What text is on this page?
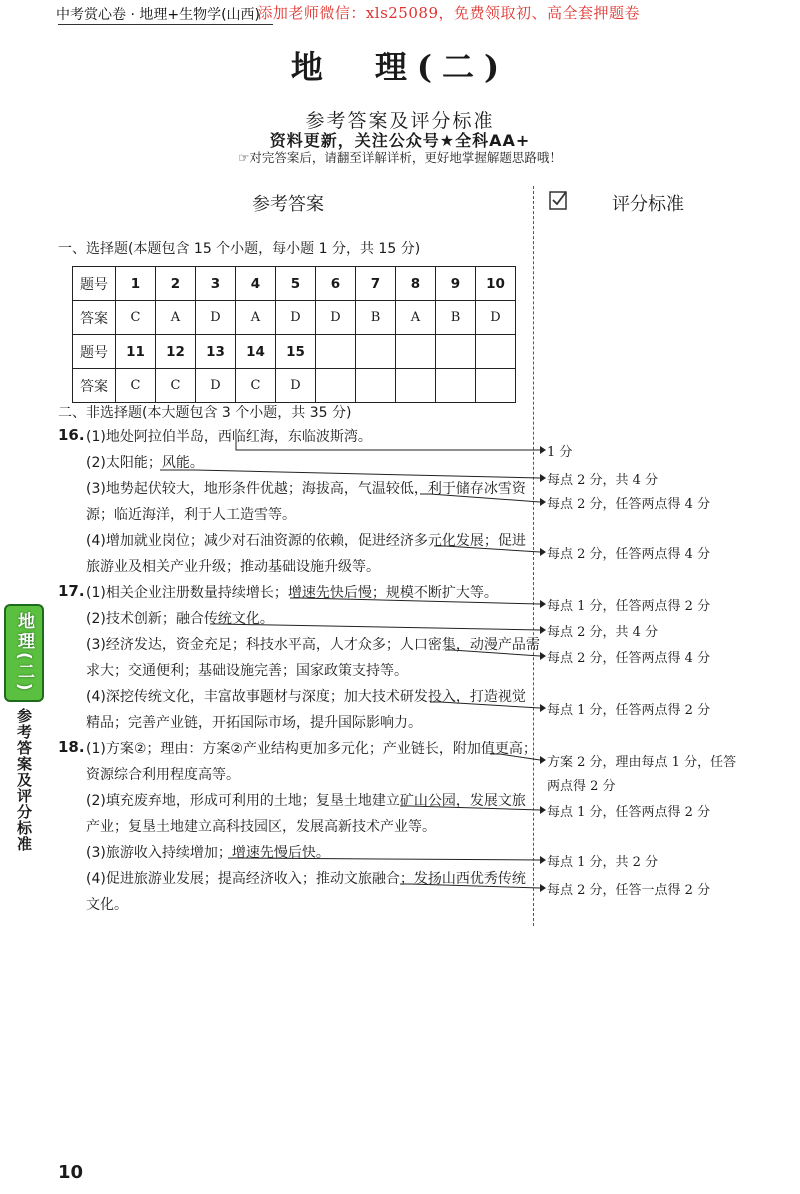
添加老师微信：xls25089，免费领取初、高全套押题卷
中考赏心卷 · 地理+生物学(山西)
地　理(二)
参考答案及评分标准
资料更新，关注公众号★全科AA+
☞对完答案后，请翻至详解详析，更好地掌握解题思路哦！
参考答案	评分标准
一、选择题(本题包含 15 个小题，每小题 1 分，共 15 分)
题号	1	2	3	4	5	6	7	8	9	10
答案	C	A	D	A	D	D	B	A	B	D
题号	11	12	13	14	15					
答案	C	C	D	C	D					
二、非选择题(本大题包含 3 个小题，共 35 分)
16. (1)地处阿拉伯半岛，西临红海，东临波斯湾。
(2)太阳能；风能。
(3)地势起伏较大，地形条件优越；海拔高，气温较低，利于储存冰雪资
源；临近海洋，利于人工造雪等。
(4)增加就业岗位；减少对石油资源的依赖，促进经济多元化发展；促进
旅游业及相关产业升级；推动基础设施升级等。
17. (1)相关企业注册数量持续增长；增速先快后慢；规模不断扩大等。
(2)技术创新；融合传统文化。
(3)经济发达，资金充足；科技水平高，人才众多；人口密集，动漫产品需
求大；交通便利；基础设施完善；国家政策支持等。
(4)深挖传统文化，丰富故事题材与深度；加大技术研发投入，打造视觉
精品；完善产业链，开拓国际市场，提升国际影响力。
18. (1)方案②；理由：方案②产业结构更加多元化；产业链长，附加值更高；
资源综合利用程度高等。
(2)填充废弃地，形成可利用的土地；复垦土地建立矿山公园，发展文旅
产业；复垦土地建立高科技园区，发展高新技术产业等。
(3)旅游收入持续增加；增速先慢后快。
(4)促进旅游业发展；提高经济收入；推动文旅融合；发扬山西优秀传统
文化。
1 分
每点 2 分，共 4 分
每点 2 分，任答两点得 4 分
每点 2 分，任答两点得 4 分
每点 1 分，任答两点得 2 分
每点 2 分，共 4 分
每点 2 分，任答两点得 4 分
每点 1 分，任答两点得 2 分
方案 2 分，理由每点 1 分，任答
两点得 2 分
每点 1 分，任答两点得 2 分
每点 1 分，共 2 分
每点 2 分，任答一点得 2 分
地理(二)
参考答案及评分标准
10
